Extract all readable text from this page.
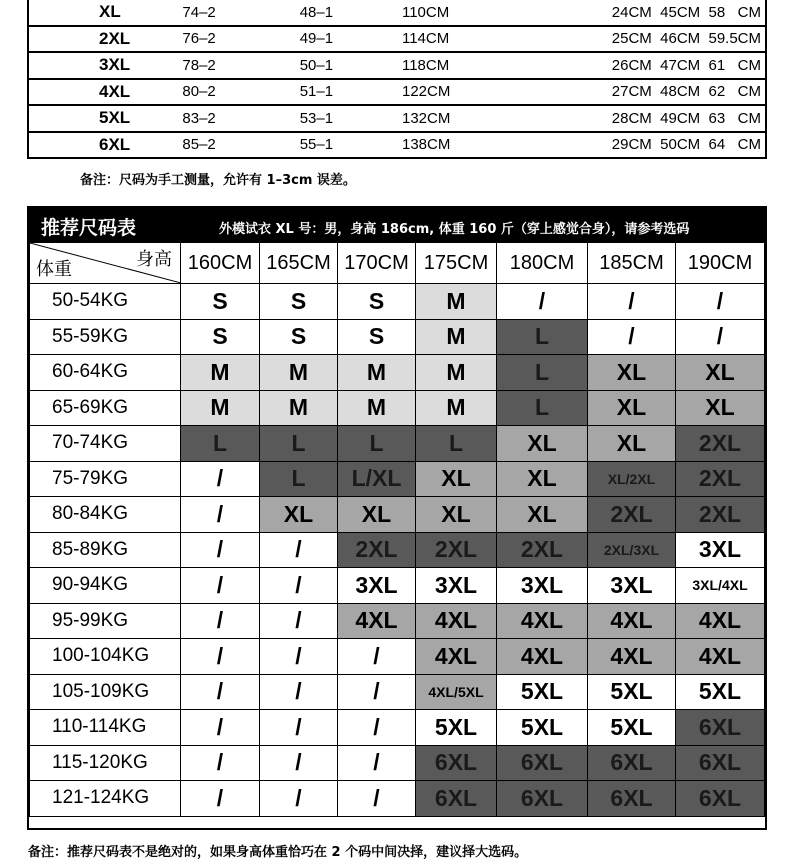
XL	74–2	48–1	110CM	24CM  45CM  58   CM
2XL	76–2	49–1	114CM	25CM  46CM  59.5CM
3XL	78–2	50–1	118CM	26CM  47CM  61   CM
4XL	80–2	51–1	122CM	27CM  48CM  62   CM
5XL	83–2	53–1	132CM	28CM  49CM  63   CM
6XL	85–2	55–1	138CM	29CM  50CM  64   CM
备注：尺码为手工测量，允许有 1–3cm 误差。
推荐尺码表	外模试衣 XL 号：男，身高 186cm, 体重 160 斤（穿上感觉合身），请参考选码
身高
体重	160CM	165CM	170CM	175CM	180CM	185CM	190CM
50-54KG	S	S	S	M	/	/	/
55-59KG	S	S	S	M	L	/	/
60-64KG	M	M	M	M	L	XL	XL
65-69KG	M	M	M	M	L	XL	XL
70-74KG	L	L	L	L	XL	XL	2XL
75-79KG	/	L	L/XL	XL	XL	XL/2XL	2XL
80-84KG	/	XL	XL	XL	XL	2XL	2XL
85-89KG	/	/	2XL	2XL	2XL	2XL/3XL	3XL
90-94KG	/	/	3XL	3XL	3XL	3XL	3XL/4XL
95-99KG	/	/	4XL	4XL	4XL	4XL	4XL
100-104KG	/	/	/	4XL	4XL	4XL	4XL
105-109KG	/	/	/	4XL/5XL	5XL	5XL	5XL
110-114KG	/	/	/	5XL	5XL	5XL	6XL
115-120KG	/	/	/	6XL	6XL	6XL	6XL
121-124KG	/	/	/	6XL	6XL	6XL	6XL
备注：推荐尺码表不是绝对的，如果身高体重恰巧在 2 个码中间决择，建议择大选码。
